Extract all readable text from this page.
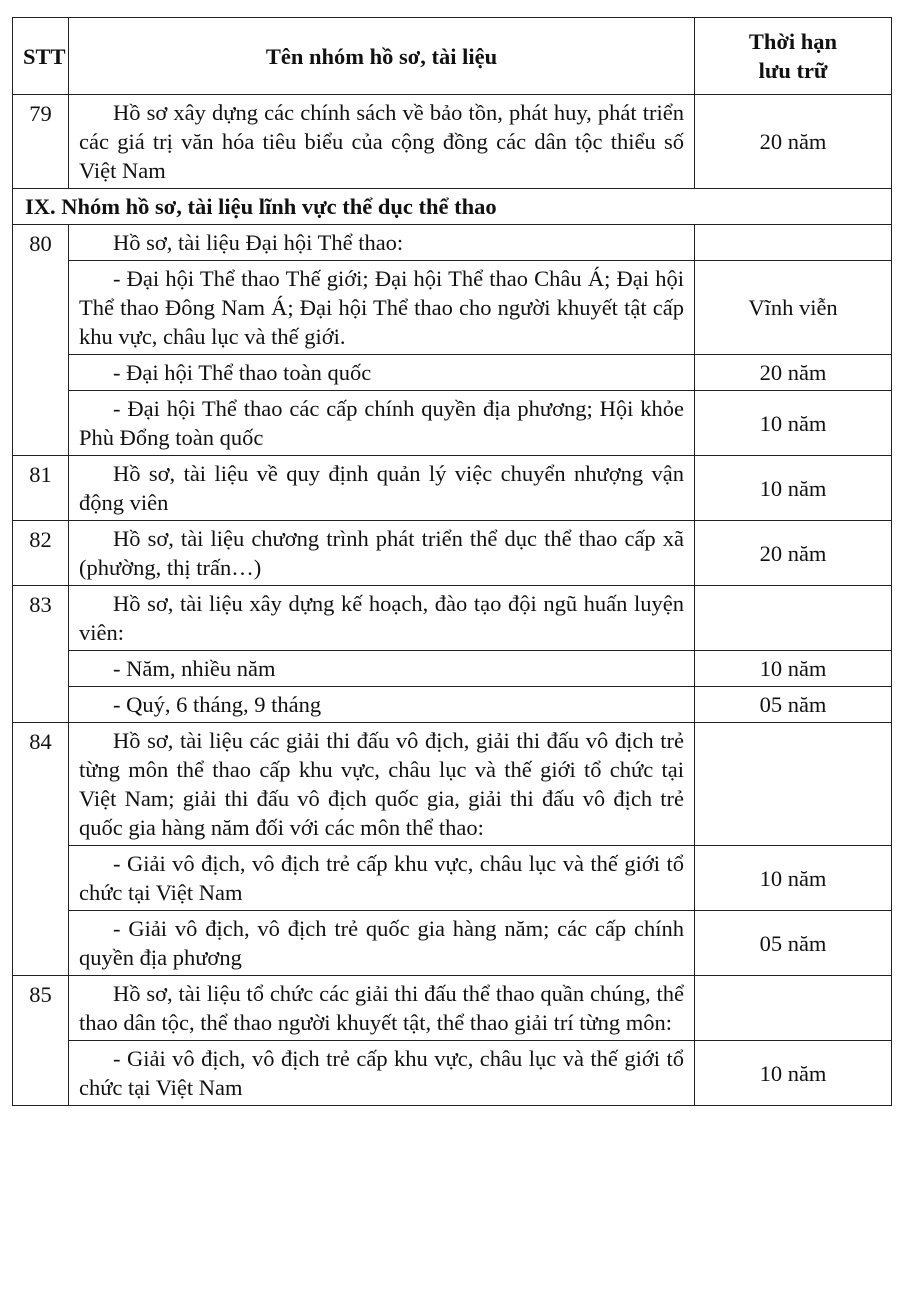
STT	Tên nhóm hồ sơ, tài liệu	Thời hạn
lưu trữ
79	Hồ sơ xây dựng các chính sách về bảo tồn, phát huy, phát triển các giá trị văn hóa tiêu biểu của cộng đồng các dân tộc thiểu số Việt Nam	20 năm
IX. Nhóm hồ sơ, tài liệu lĩnh vực thể dục thể thao		
80	Hồ sơ, tài liệu Đại hội Thể thao:	
	- Đại hội Thể thao Thế giới; Đại hội Thể thao Châu Á; Đại hội Thể thao Đông Nam Á; Đại hội Thể thao cho người khuyết tật cấp khu vực, châu lục và thế giới.	Vĩnh viễn
	- Đại hội Thể thao toàn quốc	20 năm
	- Đại hội Thể thao các cấp chính quyền địa phương; Hội khỏe Phù Đổng toàn quốc	10 năm
81	Hồ sơ, tài liệu về quy định quản lý việc chuyển nhượng vận động viên	10 năm
82	Hồ sơ, tài liệu chương trình phát triển thể dục thể thao cấp xã (phường, thị trấn…)	20 năm
83	Hồ sơ, tài liệu xây dựng kế hoạch, đào tạo đội ngũ huấn luyện viên:	
	- Năm, nhiều năm	10 năm
	- Quý, 6 tháng, 9 tháng	05 năm
84	Hồ sơ, tài liệu các giải thi đấu vô địch, giải thi đấu vô địch trẻ từng môn thể thao cấp khu vực, châu lục và thế giới tổ chức tại Việt Nam; giải thi đấu vô địch quốc gia, giải thi đấu vô địch trẻ quốc gia hàng năm đối với các môn thể thao:	
	- Giải vô địch, vô địch trẻ cấp khu vực, châu lục và thế giới tổ chức tại Việt Nam	10 năm
	- Giải vô địch, vô địch trẻ quốc gia hàng năm; các cấp chính quyền địa phương	05 năm
85	Hồ sơ, tài liệu tổ chức các giải thi đấu thể thao quần chúng, thể thao dân tộc, thể thao người khuyết tật, thể thao giải trí từng môn:	
	- Giải vô địch, vô địch trẻ cấp khu vực, châu lục và thế giới tổ chức tại Việt Nam	10 năm
